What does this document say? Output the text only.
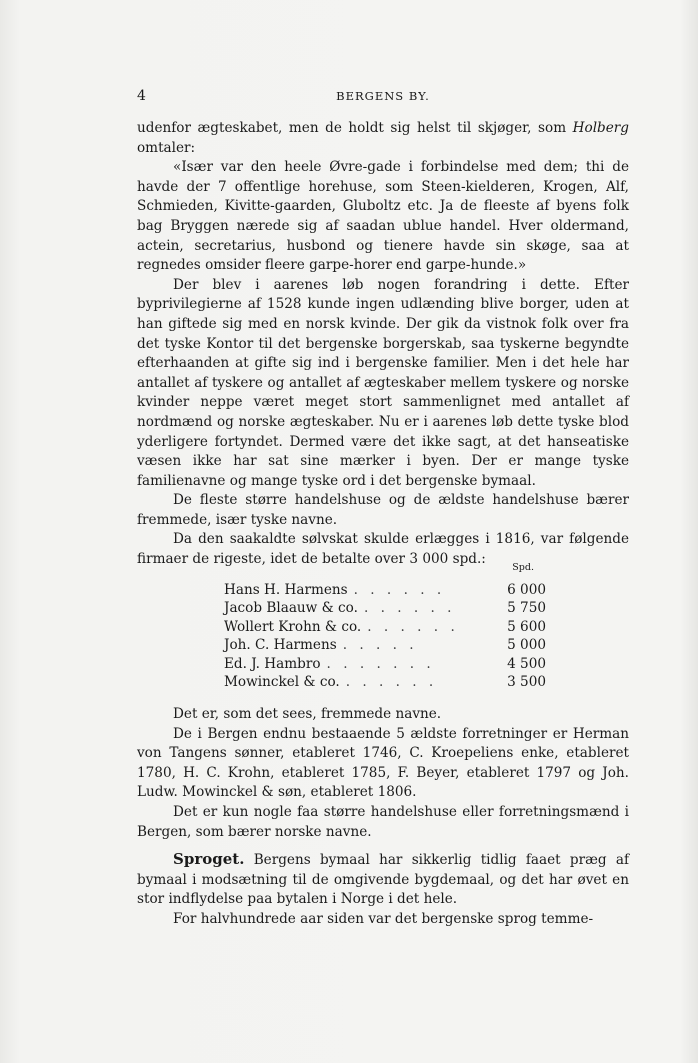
4	BERGENS BY.

udenfor ægteskabet, men de holdt sig helst til skjøger, som Holberg omtaler:

«Især var den heele Øvre-gade i forbindelse med dem; thi de havde der 7 offentlige horehuse, som Steen-kielderen, Krogen, Alf, Schmieden, Kivitte-gaarden, Gluboltz etc. Ja de fleeste af byens folk bag Bryggen nærede sig af saadan ublue handel. Hver oldermand, actein, secretarius, husbond og tienere havde sin skøge, saa at regnedes omsider fleere garpe-horer end garpe-hunde.»

Der blev i aarenes løb nogen forandring i dette. Efter byprivilegierne af 1528 kunde ingen udlænding blive borger, uden at han giftede sig med en norsk kvinde. Der gik da vistnok folk over fra det tyske Kontor til det bergenske borgerskab, saa tyskerne begyndte efterhaanden at gifte sig ind i bergenske familier. Men i det hele har antallet af tyskere og antallet af ægteskaber mellem tyskere og norske kvinder neppe været meget stort sammenlignet med antallet af nordmænd og norske ægteskaber. Nu er i aarenes løb dette tyske blod yderligere fortyndet. Dermed være det ikke sagt, at det hanseatiske væsen ikke har sat sine mærker i byen. Der er mange tyske familienavne og mange tyske ord i det bergenske bymaal.

De fleste større handelshuse og de ældste handelshuse bærer fremmede, især tyske navne.

Da den saakaldte sølvskat skulde erlægges i 1816, var følgende firmaer de rigeste, idet de betalte over 3 000 spd.:

Spd.
Hans H. Harmens . . . . . .	6 000
Jacob Blaauw & co. . . . . . .	5 750
Wollert Krohn & co. . . . . . .	5 600
Joh. C. Harmens . . . . .	5 000
Ed. J. Hambro . . . . . . .	4 500
Mowinckel & co. . . . . . .	3 500

Det er, som det sees, fremmede navne.

De i Bergen endnu bestaaende 5 ældste forretninger er Herman von Tangens sønner, etableret 1746, C. Kroepeliens enke, etableret 1780, H. C. Krohn, etableret 1785, F. Beyer, etableret 1797 og Joh. Ludw. Mowinckel & søn, etableret 1806.

Det er kun nogle faa større handelshuse eller forretningsmænd i Bergen, som bærer norske navne.

Sproget. Bergens bymaal har sikkerlig tidlig faaet præg af bymaal i modsætning til de omgivende bygdemaal, og det har øvet en stor indflydelse paa bytalen i Norge i det hele.

For halvhundrede aar siden var det bergenske sprog temme-
